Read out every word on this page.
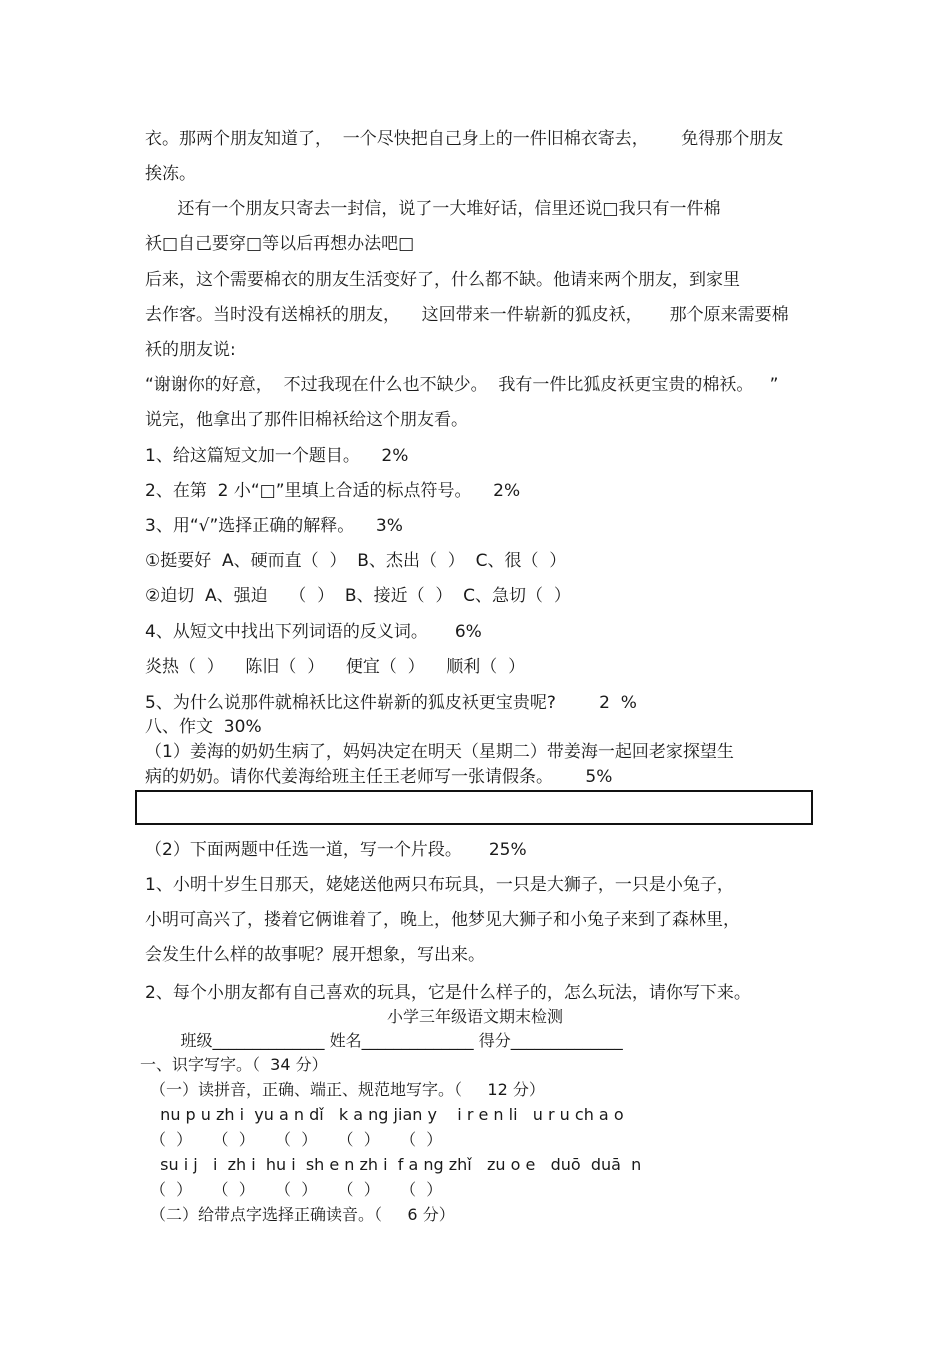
衣。那两个朋友知道了，  一个尽快把自己身上的一件旧棉衣寄去，      免得那个朋友
挨冻。
还有一个朋友只寄去一封信，说了一大堆好话，信里还说□我只有一件棉
袄□自己要穿□等以后再想办法吧□
后来，这个需要棉衣的朋友生活变好了，什么都不缺。他请来两个朋友，到家里
去作客。当时没有送棉袄的朋友，    这回带来一件崭新的狐皮袄，     那个原来需要棉
袄的朋友说:
“谢谢你的好意，  不过我现在什么也不缺少。  我有一件比狐皮袄更宝贵的棉袄。   ”
说完，他拿出了那件旧棉袄给这个朋友看。
1、给这篇短文加一个题目。    2%
2、在第  2 小“□”里填上合适的标点符号。    2%
3、用“√”选择正确的解释。    3%
①挺要好  A、硬而直（  ）  B、杰出（  ）  C、很（  ）
②迫切  A、强迫    （  ）  B、接近（  ）  C、急切（  ）
4、从短文中找出下列词语的反义词。     6%
炎热（  ）    陈旧（  ）    便宜（  ）    顺利（  ）
5、为什么说那件就棉袄比这件崭新的狐皮袄更宝贵呢?        2  %
八、作文  30%
（1）姜海的奶奶生病了，妈妈决定在明天（星期二）带姜海一起回老家探望生
病的奶奶。请你代姜海给班主任王老师写一张请假条。      5%
（2）下面两题中任选一道，写一个片段。     25%
1、小明十岁生日那天，姥姥送他两只布玩具，一只是大狮子，一只是小兔子，
小明可高兴了，搂着它俩谁着了，晚上，他梦见大狮子和小兔子来到了森林里，
会发生什么样的故事呢？展开想象，写出来。
2、每个小朋友都有自己喜欢的玩具，它是什么样子的，怎么玩法，请你写下来。
小学三年级语文期末检测
班级______________ 姓名______________ 得分______________
一、识字写字。（  34 分）
（一）读拼音，正确、端正、规范地写字。（     12 分）
nu p u zh i  yu a n dǐ   k a ng jian y    i r e n li   u r u ch a o
（  ）    （  ）    （  ）    （  ）    （  ）
su i j   i  zh i  hu i  sh e n zh i  f a ng zhǐ   zu o e   duō  duā  n
（  ）    （  ）    （  ）    （  ）    （  ）
（二）给带点字选择正确读音。（     6 分）
